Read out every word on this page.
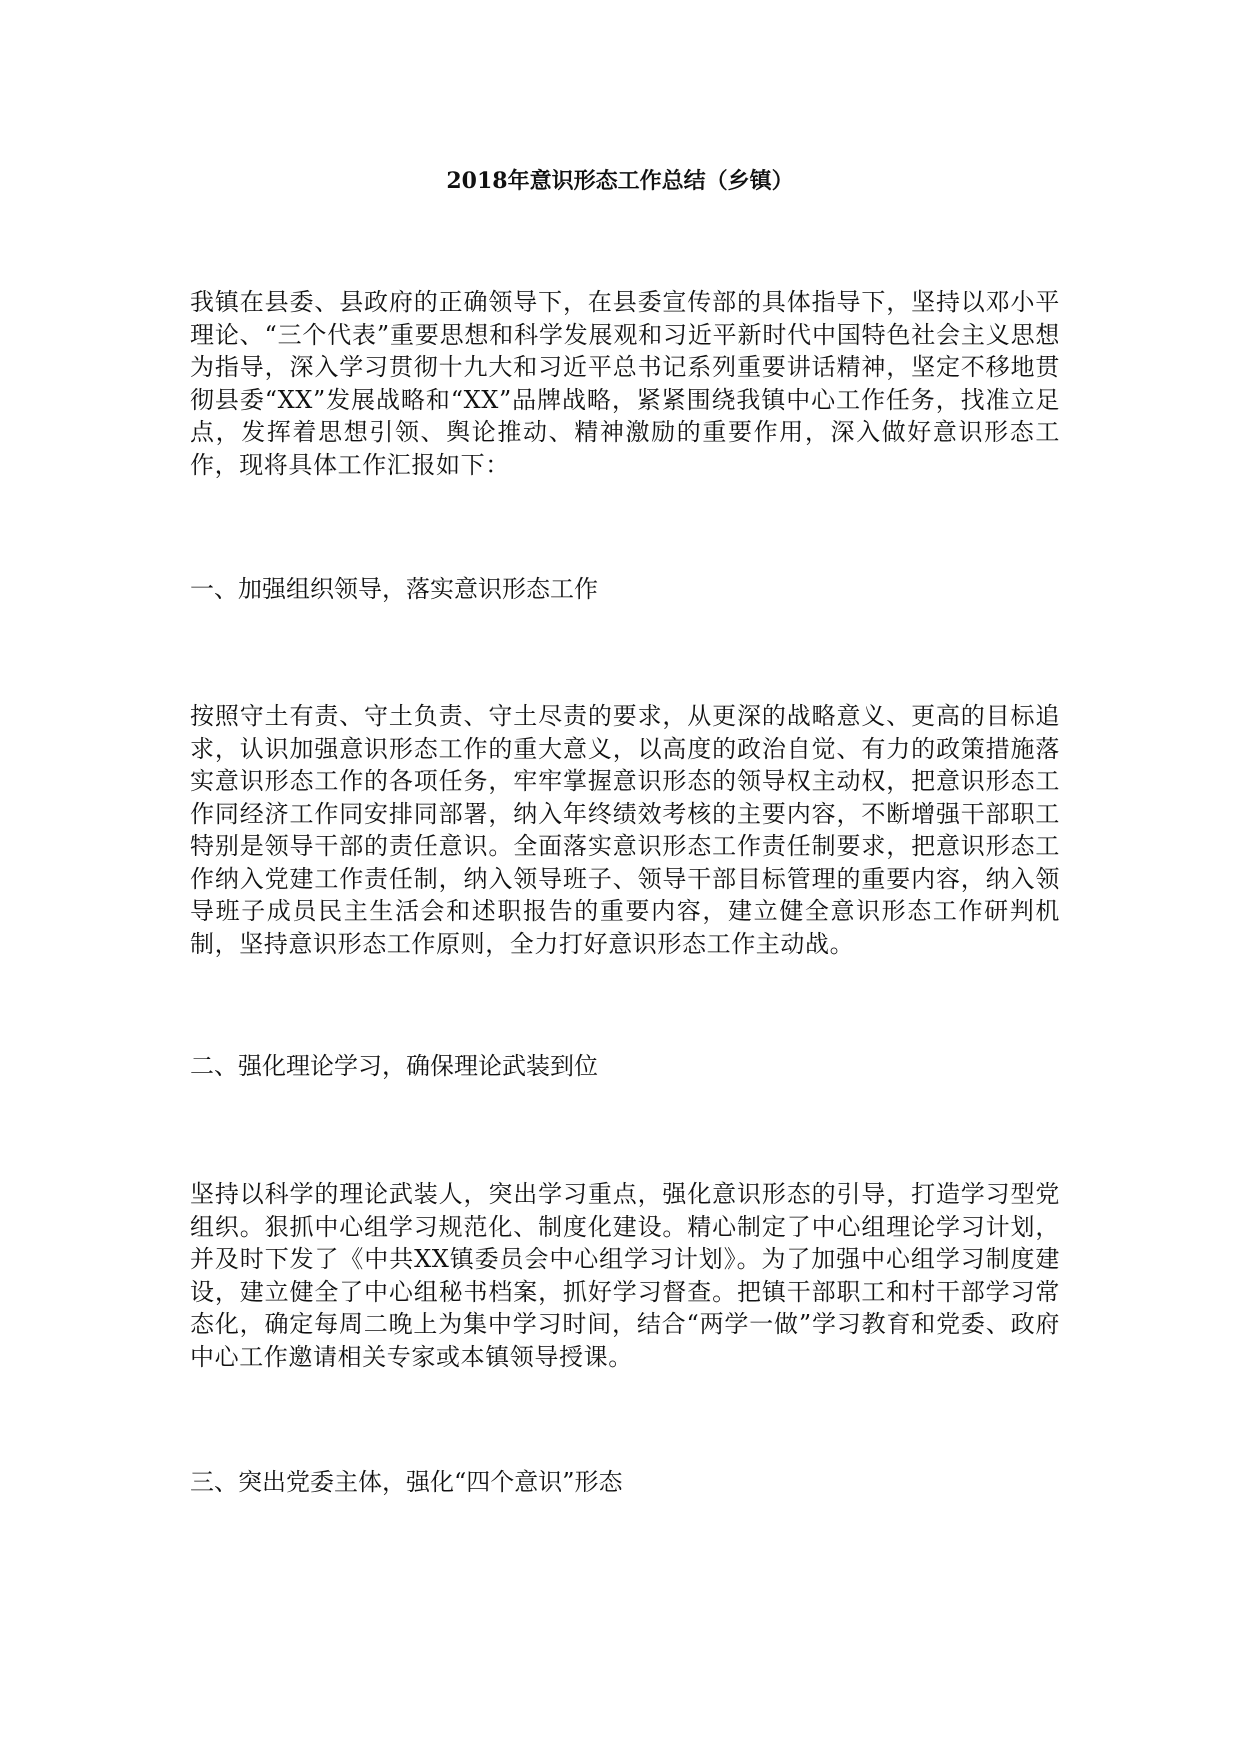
2018年意识形态工作总结（乡镇）
我镇在县委、县政府的正确领导下，在县委宣传部的具体指导下，坚持以邓小平理论、“三个代表”重要思想和科学发展观和习近平新时代中国特色社会主义思想为指导，深入学习贯彻十九大和习近平总书记系列重要讲话精神，坚定不移地贯彻县委“XX”发展战略和“XX”品牌战略，紧紧围绕我镇中心工作任务，找准立足点，发挥着思想引领、舆论推动、精神激励的重要作用，深入做好意识形态工作，现将具体工作汇报如下：
一、加强组织领导，落实意识形态工作
按照守土有责、守土负责、守土尽责的要求，从更深的战略意义、更高的目标追求，认识加强意识形态工作的重大意义，以高度的政治自觉、有力的政策措施落实意识形态工作的各项任务，牢牢掌握意识形态的领导权主动权，把意识形态工作同经济工作同安排同部署，纳入年终绩效考核的主要内容，不断增强干部职工特别是领导干部的责任意识。全面落实意识形态工作责任制要求，把意识形态工作纳入党建工作责任制，纳入领导班子、领导干部目标管理的重要内容，纳入领导班子成员民主生活会和述职报告的重要内容，建立健全意识形态工作研判机制，坚持意识形态工作原则，全力打好意识形态工作主动战。
二、强化理论学习，确保理论武装到位
坚持以科学的理论武装人，突出学习重点，强化意识形态的引导，打造学习型党组织。狠抓中心组学习规范化、制度化建设。精心制定了中心组理论学习计划，并及时下发了《中共XX镇委员会中心组学习计划》。为了加强中心组学习制度建设，建立健全了中心组秘书档案，抓好学习督查。把镇干部职工和村干部学习常态化，确定每周二晚上为集中学习时间，结合“两学一做”学习教育和党委、政府中心工作邀请相关专家或本镇领导授课。
三、突出党委主体，强化“四个意识”形态
